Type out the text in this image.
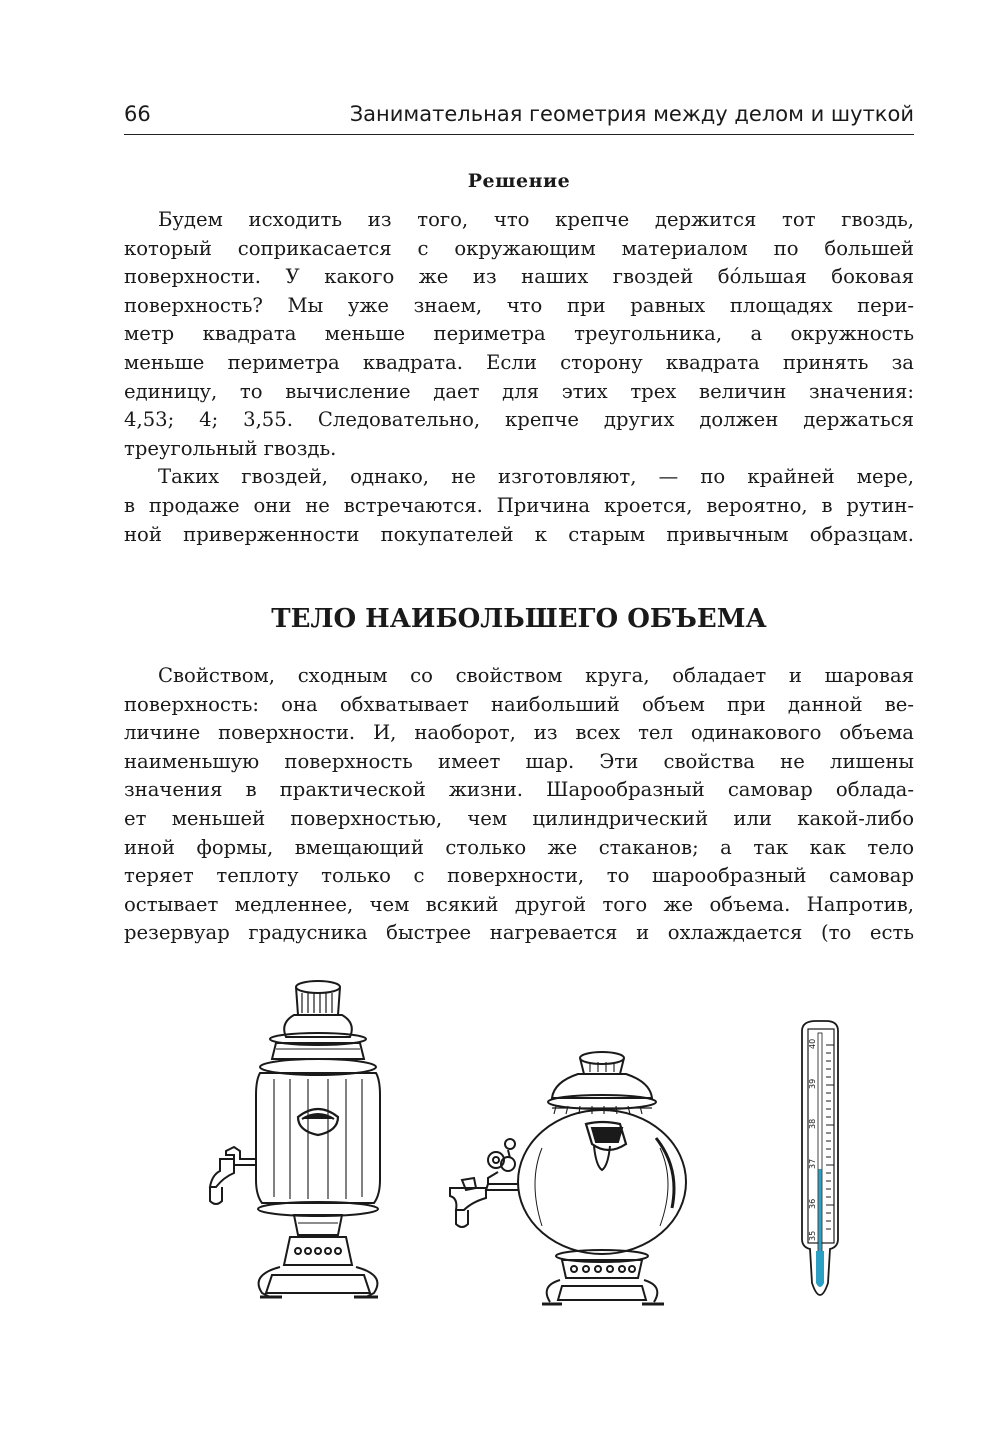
66	Занимательная геометрия между делом и шуткой
Решение
Будем исходить из того, что крепче держится тот гвоздь,
который соприкасается с окружающим материалом по большей
поверхности. У какого же из наших гвоздей бóльшая боковая
поверхность? Мы уже знаем, что при равных площадях пери-
метр квадрата меньше периметра треугольника, а окружность
меньше периметра квадрата. Если сторону квадрата принять за
единицу, то вычисление дает для этих трех величин значения:
4,53; 4; 3,55. Следовательно, крепче других должен держаться
треугольный гвоздь.
Таких гвоздей, однако, не изготовляют, — по крайней мере,
в продаже они не встречаются. Причина кроется, вероятно, в рутин-
ной приверженности покупателей к старым привычным образцам.
ТЕЛО НАИБОЛЬШЕГО ОБЪЕМА
Свойством, сходным со свойством круга, обладает и шаровая
поверхность: она обхватывает наибольший объем при данной ве-
личине поверхности. И, наоборот, из всех тел одинакового объема
наименьшую поверхность имеет шар. Эти свойства не лишены
значения в практической жизни. Шарообразный самовар облада-
ет меньшей поверхностью, чем цилиндрический или какой-либо
иной формы, вмещающий столько же стаканов; а так как тело
теряет теплоту только с поверхности, то шарообразный самовар
остывает медленнее, чем всякий другой того же объема. Напротив,
резервуар градусника быстрее нагревается и охлаждается (то есть
40
39
38
37
36
35
